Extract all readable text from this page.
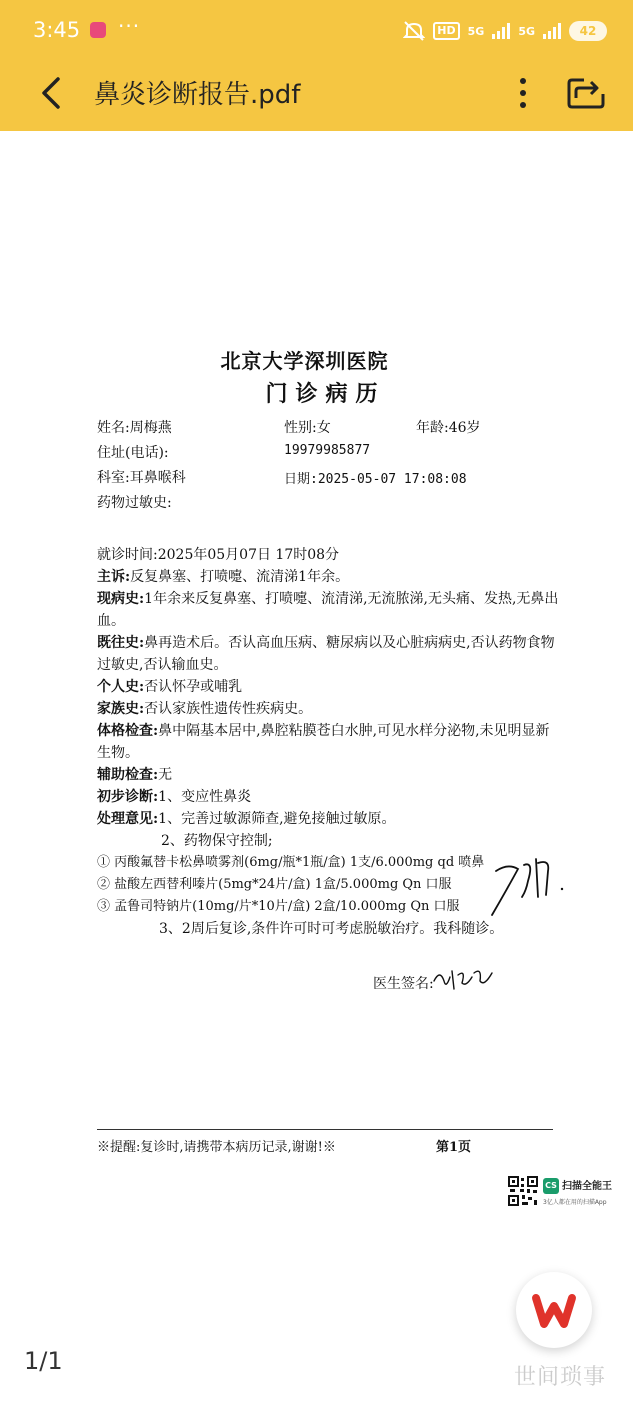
3:45 ···	HD	5G	5G	42
鼻炎诊断报告.pdf
北京大学深圳医院
门诊病历
姓名:周梅燕	性别:女	年龄:46岁
住址(电话):	19979985877
科室:耳鼻喉科	日期:2025-05-07 17:08:08
药物过敏史:
就诊时间:2025年05月07日 17时08分
主诉:反复鼻塞、打喷嚏、流清涕1年余。
现病史:1年余来反复鼻塞、打喷嚏、流清涕,无流脓涕,无头痛、发热,无鼻出血。
既往史:鼻再造术后。否认高血压病、糖尿病以及心脏病病史,否认药物食物过敏史,否认输血史。
个人史:否认怀孕或哺乳
家族史:否认家族性遗传性疾病史。
体格检查:鼻中隔基本居中,鼻腔粘膜苍白水肿,可见水样分泌物,未见明显新生物。
辅助检查:无
初步诊断:1、变应性鼻炎
处理意见:1、完善过敏源筛查,避免接触过敏原。
2、药物保守控制;
① 丙酸氟替卡松鼻喷雾剂(6mg/瓶*1瓶/盒) 1支/6.000mg qd 喷鼻
② 盐酸左西替利嗪片(5mg*24片/盒) 1盒/5.000mg Qn 口服
③ 孟鲁司特钠片(10mg/片*10片/盒) 2盒/10.000mg Qn 口服
3、2周后复诊,条件许可时可考虑脱敏治疗。我科随诊。
医生签名:
※提醒:复诊时,请携带本病历记录,谢谢!※	第1页
CS 扫描全能王
3亿人都在用的扫描App
1/1
世间琐事
